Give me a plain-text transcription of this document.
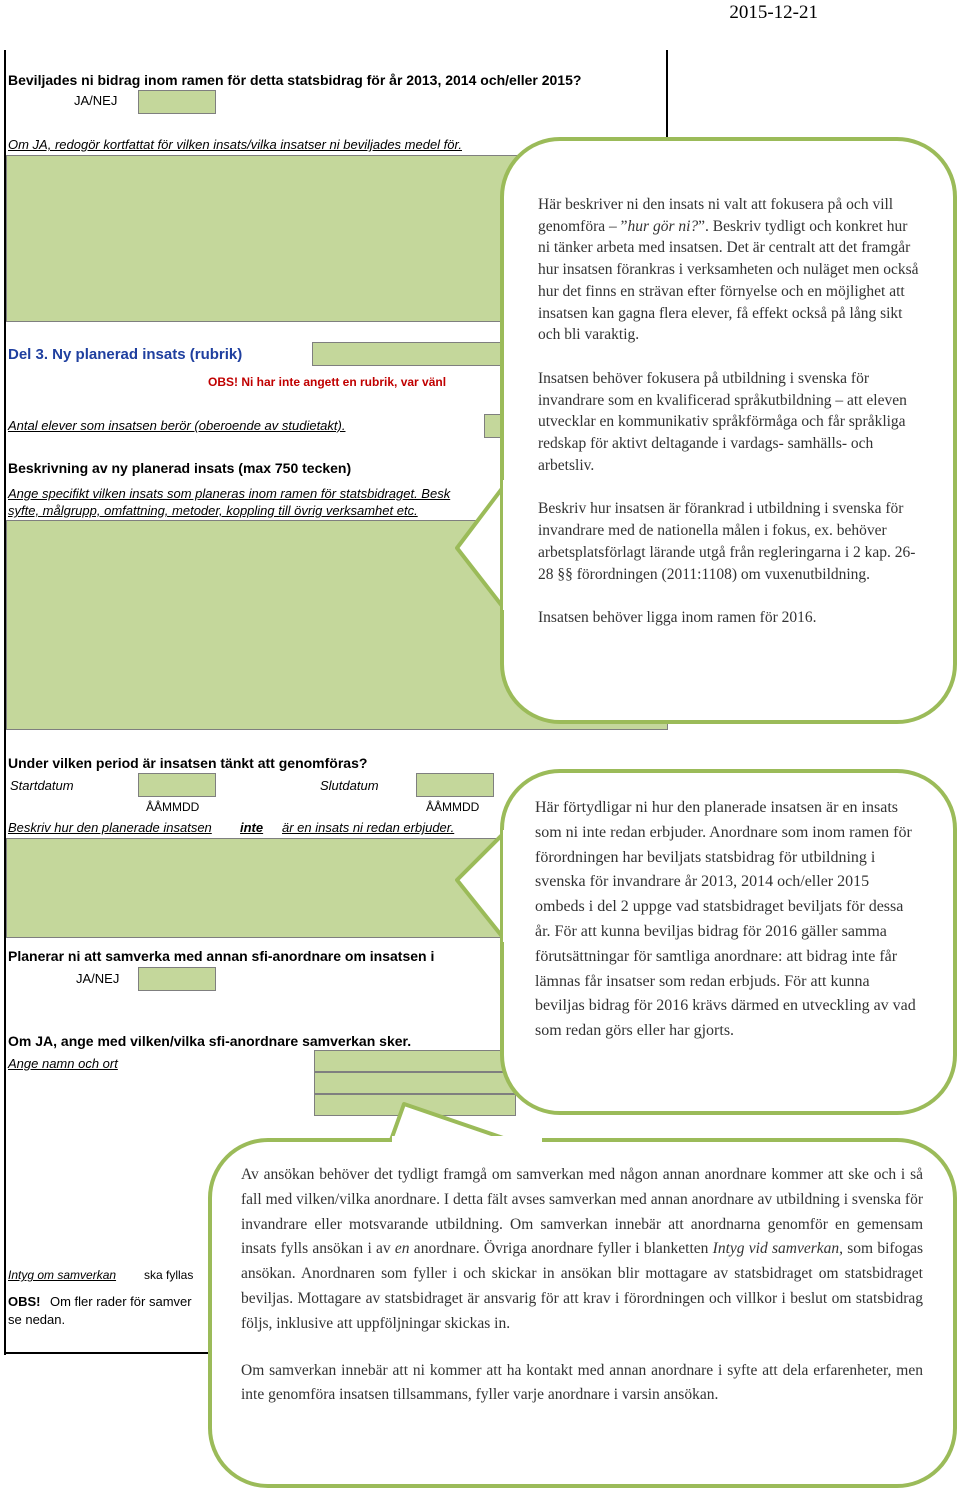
2015-12-21
Beviljades ni bidrag inom ramen för detta statsbidrag för år 2013, 2014 och/eller 2015?
JA/NEJ
Om JA, redogör kortfattat för vilken insats/vilka insatser ni beviljades medel för.
Del 3. Ny planerad insats (rubrik)
OBS! Ni har inte angett en rubrik, var vänl
Antal elever som insatsen berör (oberoende av studietakt).
Beskrivning av ny planerad insats (max 750 tecken)
Ange specifikt vilken insats som planeras inom ramen för statsbidraget. Besk
syfte, målgrupp, omfattning, metoder, koppling till övrig verksamhet etc.
Under vilken period är insatsen tänkt att genomföras?
Startdatum	Slutdatum
ÅÅMMDD	ÅÅMMDD
Beskriv hur den planerade insatsen inte är en insats ni redan erbjuder.
Planerar ni att samverka med annan sfi-anordnare om insatsen i
JA/NEJ
Om JA, ange med vilken/vilka sfi-anordnare samverkan sker.
Ange namn och ort
Intyg om samverkan ska fyllas
OBS! Om fler rader för samver
se nedan.

Här beskriver ni den insats ni valt att fokusera på och vill genomföra – ”hur gör ni?”. Beskriv tydligt och konkret hur ni tänker arbeta med insatsen. Det är centralt att det framgår hur insatsen förankras i verksamheten och nuläget men också hur det finns en strävan efter förnyelse och en möjlighet att insatsen kan gagna flera elever, få effekt också på lång sikt och bli varaktig.

Insatsen behöver fokusera på utbildning i svenska för invandrare som en kvalificerad språkutbildning – att eleven utvecklar en kommunikativ språkförmåga och får språkliga redskap för aktivt deltagande i vardags- samhälls- och arbetsliv.

Beskriv hur insatsen är förankrad i utbildning i svenska för invandrare med de nationella målen i fokus, ex. behöver arbetsplatsförlagt lärande utgå från regleringarna i 2 kap. 26-28 §§ förordningen (2011:1108) om vuxenutbildning.

Insatsen behöver ligga inom ramen för 2016.

Här förtydligar ni hur den planerade insatsen är en insats som ni inte redan erbjuder. Anordnare som inom ramen för förordningen har beviljats statsbidrag för utbildning i svenska för invandrare år 2013, 2014 och/eller 2015 ombeds i del 2 uppge vad statsbidraget beviljats för dessa år. För att kunna beviljas bidrag för 2016 gäller samma förutsättningar för samtliga anordnare: att bidrag inte får lämnas får insatser som redan erbjuds. För att kunna beviljas bidrag för 2016 krävs därmed en utveckling av vad som redan görs eller har gjorts.

Av ansökan behöver det tydligt framgå om samverkan med någon annan anordnare kommer att ske och i så fall med vilken/vilka anordnare. I detta fält avses samverkan med annan anordnare av utbildning i svenska för invandrare eller motsvarande utbildning. Om samverkan innebär att anordnarna genomför en gemensam insats fylls ansökan i av en anordnare. Övriga anordnare fyller i blanketten Intyg vid samverkan, som bifogas ansökan. Anordnaren som fyller i och skickar in ansökan blir mottagare av statsbidraget om statsbidraget beviljas. Mottagare av statsbidraget är ansvarig för att krav i förordningen och villkor i beslut om statsbidrag följs, inklusive att uppföljningar skickas in.

Om samverkan innebär att ni kommer att ha kontakt med annan anordnare i syfte att dela erfarenheter, men inte genomföra insatsen tillsammans, fyller varje anordnare i varsin ansökan.
